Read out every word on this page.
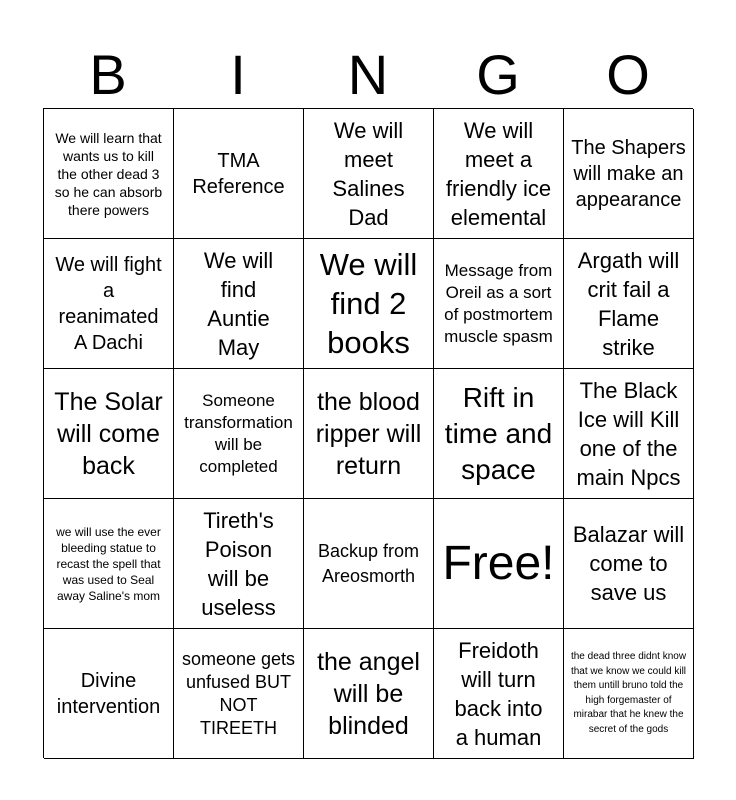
B	I	N	G	O
We will learn that wants us to kill the other dead 3 so he can absorb there powers
TMA Reference
We will meet Salines Dad
We will meet a friendly ice elemental
The Shapers will make an appearance
We will fight a reanimated A Dachi
We will find Auntie May
We will find 2 books
Message from Oreil as a sort of postmortem muscle spasm
Argath will crit fail a Flame strike
The Solar will come back
Someone transformation will be completed
the blood ripper will return
Rift in time and space
The Black Ice will Kill one of the main Npcs
we will use the ever bleeding statue to recast the spell that was used to Seal away Saline's mom
Tireth's Poison will be useless
Backup from Areosmorth Free!
Balazar will come to save us
Divine intervention
someone gets unfused BUT NOT TIREETH
the angel will be blinded
Freidoth will turn back into a human
the dead three didnt know that we know we could kill them untill bruno told the high forgemaster of mirabar that he knew the secret of the gods
